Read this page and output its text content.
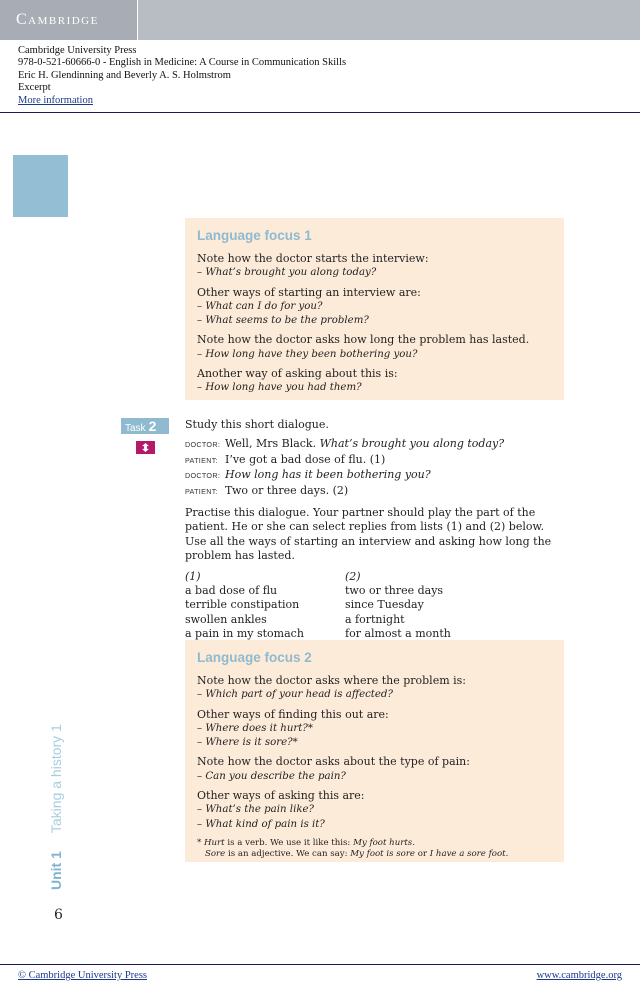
Cambridge
Cambridge University Press
978-0-521-60666-0 - English in Medicine: A Course in Communication Skills
Eric H. Glendinning and Beverly A. S. Holmstrom
Excerpt
More information
Unit 1Taking a history 1
6
Language focus 1
Note how the doctor starts the interview:
– What’s brought you along today?
Other ways of starting an interview are:
– What can I do for you?
– What seems to be the problem?
Note how the doctor asks how long the problem has lasted.
– How long have they been bothering you?
Another way of asking about this is:
– How long have you had them?
Task 2	Study this short dialogue.
DOCTOR: Well, Mrs Black. What’s brought you along today?
PATIENT: I’ve got a bad dose of flu. (1)
DOCTOR: How long has it been bothering you?
PATIENT: Two or three days. (2)
Practise this dialogue. Your partner should play the part of the patient. He or she can select replies from lists (1) and (2) below. Use all the ways of starting an interview and asking how long the problem has lasted.
(1)
a bad dose of flu
terrible constipation
swollen ankles
a pain in my stomach
(2)
two or three days
since Tuesday
a fortnight
for almost a month
Language focus 2
Note how the doctor asks where the problem is:
– Which part of your head is affected?
Other ways of finding this out are:
– Where does it hurt?*
– Where is it sore?*
Note how the doctor asks about the type of pain:
– Can you describe the pain?
Other ways of asking this are:
– What’s the pain like?
– What kind of pain is it?
* Hurt is a verb. We use it like this: My foot hurts.
Sore is an adjective. We can say: My foot is sore or I have a sore foot.
© Cambridge University Press	www.cambridge.org
